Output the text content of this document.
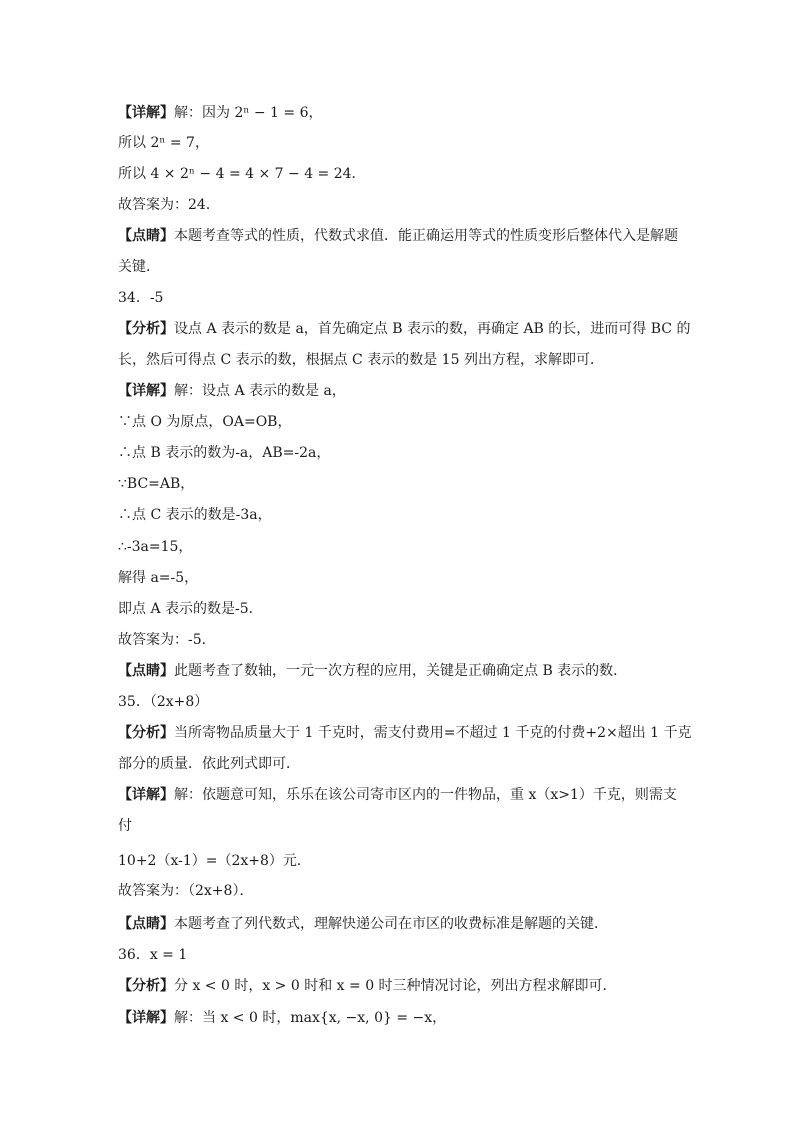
【详解】解：因为 2ⁿ − 1 = 6，
所以 2ⁿ = 7，
所以 4 × 2ⁿ − 4 = 4 × 7 − 4 = 24．
故答案为：24．
【点睛】本题考查等式的性质，代数式求值．能正确运用等式的性质变形后整体代入是解题
关键．
34．-5
【分析】设点 A 表示的数是 a，首先确定点 B 表示的数，再确定 AB 的长，进而可得 BC 的
长，然后可得点 C 表示的数，根据点 C 表示的数是 15 列出方程，求解即可．
【详解】解：设点 A 表示的数是 a，
∵点 O 为原点，OA=OB，
∴点 B 表示的数为-a，AB=-2a，
∵BC=AB，
∴点 C 表示的数是-3a，
∴-3a=15，
解得 a=-5，
即点 A 表示的数是-5．
故答案为：-5．
【点睛】此题考查了数轴，一元一次方程的应用，关键是正确确定点 B 表示的数．
35．（2x+8）
【分析】当所寄物品质量大于 1 千克时，需支付费用=不超过 1 千克的付费+2×超出 1 千克
部分的质量．依此列式即可．
【详解】解：依题意可知，乐乐在该公司寄市区内的一件物品，重 x（x>1）千克，则需支
付
10+2（x-1）=（2x+8）元．
故答案为：（2x+8）．
【点睛】本题考查了列代数式，理解快递公司在市区的收费标准是解题的关键．
36．x = 1
【分析】分 x < 0 时，x > 0 时和 x = 0 时三种情况讨论，列出方程求解即可．
【详解】解：当 x < 0 时，max{x, −x, 0} = −x，
